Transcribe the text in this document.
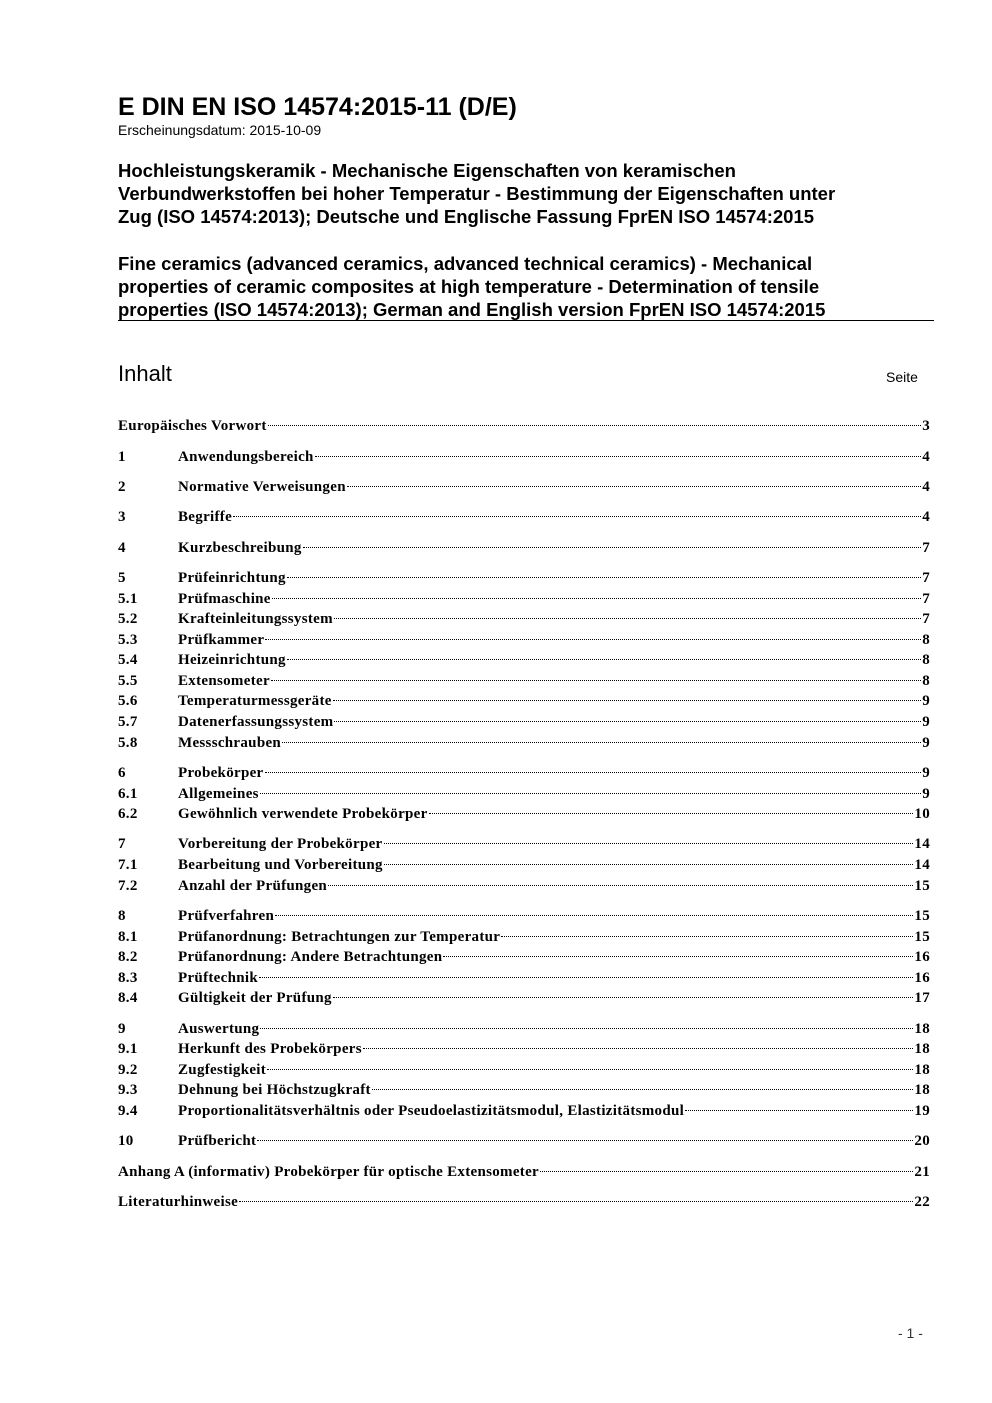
E DIN EN ISO 14574:2015-11 (D/E)
Erscheinungsdatum: 2015-10-09
Hochleistungskeramik - Mechanische Eigenschaften von keramischen
Verbundwerkstoffen bei hoher Temperatur - Bestimmung der Eigenschaften unter
Zug (ISO 14574:2013); Deutsche und Englische Fassung FprEN ISO 14574:2015
Fine ceramics (advanced ceramics, advanced technical ceramics) - Mechanical
properties of ceramic composites at high temperature - Determination of tensile
properties (ISO 14574:2013); German and English version FprEN ISO 14574:2015
Inhalt	Seite
Europäisches Vorwort	3
1	Anwendungsbereich	4
2	Normative Verweisungen	4
3	Begriffe	4
4	Kurzbeschreibung	7
5	Prüfeinrichtung	7
5.1	Prüfmaschine	7
5.2	Krafteinleitungssystem	7
5.3	Prüfkammer	8
5.4	Heizeinrichtung	8
5.5	Extensometer	8
5.6	Temperaturmessgeräte	9
5.7	Datenerfassungssystem	9
5.8	Messschrauben	9
6	Probekörper	9
6.1	Allgemeines	9
6.2	Gewöhnlich verwendete Probekörper	10
7	Vorbereitung der Probekörper	14
7.1	Bearbeitung und Vorbereitung	14
7.2	Anzahl der Prüfungen	15
8	Prüfverfahren	15
8.1	Prüfanordnung: Betrachtungen zur Temperatur	15
8.2	Prüfanordnung: Andere Betrachtungen	16
8.3	Prüftechnik	16
8.4	Gültigkeit der Prüfung	17
9	Auswertung	18
9.1	Herkunft des Probekörpers	18
9.2	Zugfestigkeit	18
9.3	Dehnung bei Höchstzugkraft	18
9.4	Proportionalitätsverhältnis oder Pseudoelastizitätsmodul, Elastizitätsmodul	19
10	Prüfbericht	20
Anhang A (informativ) Probekörper für optische Extensometer	21
Literaturhinweise	22
- 1 -
